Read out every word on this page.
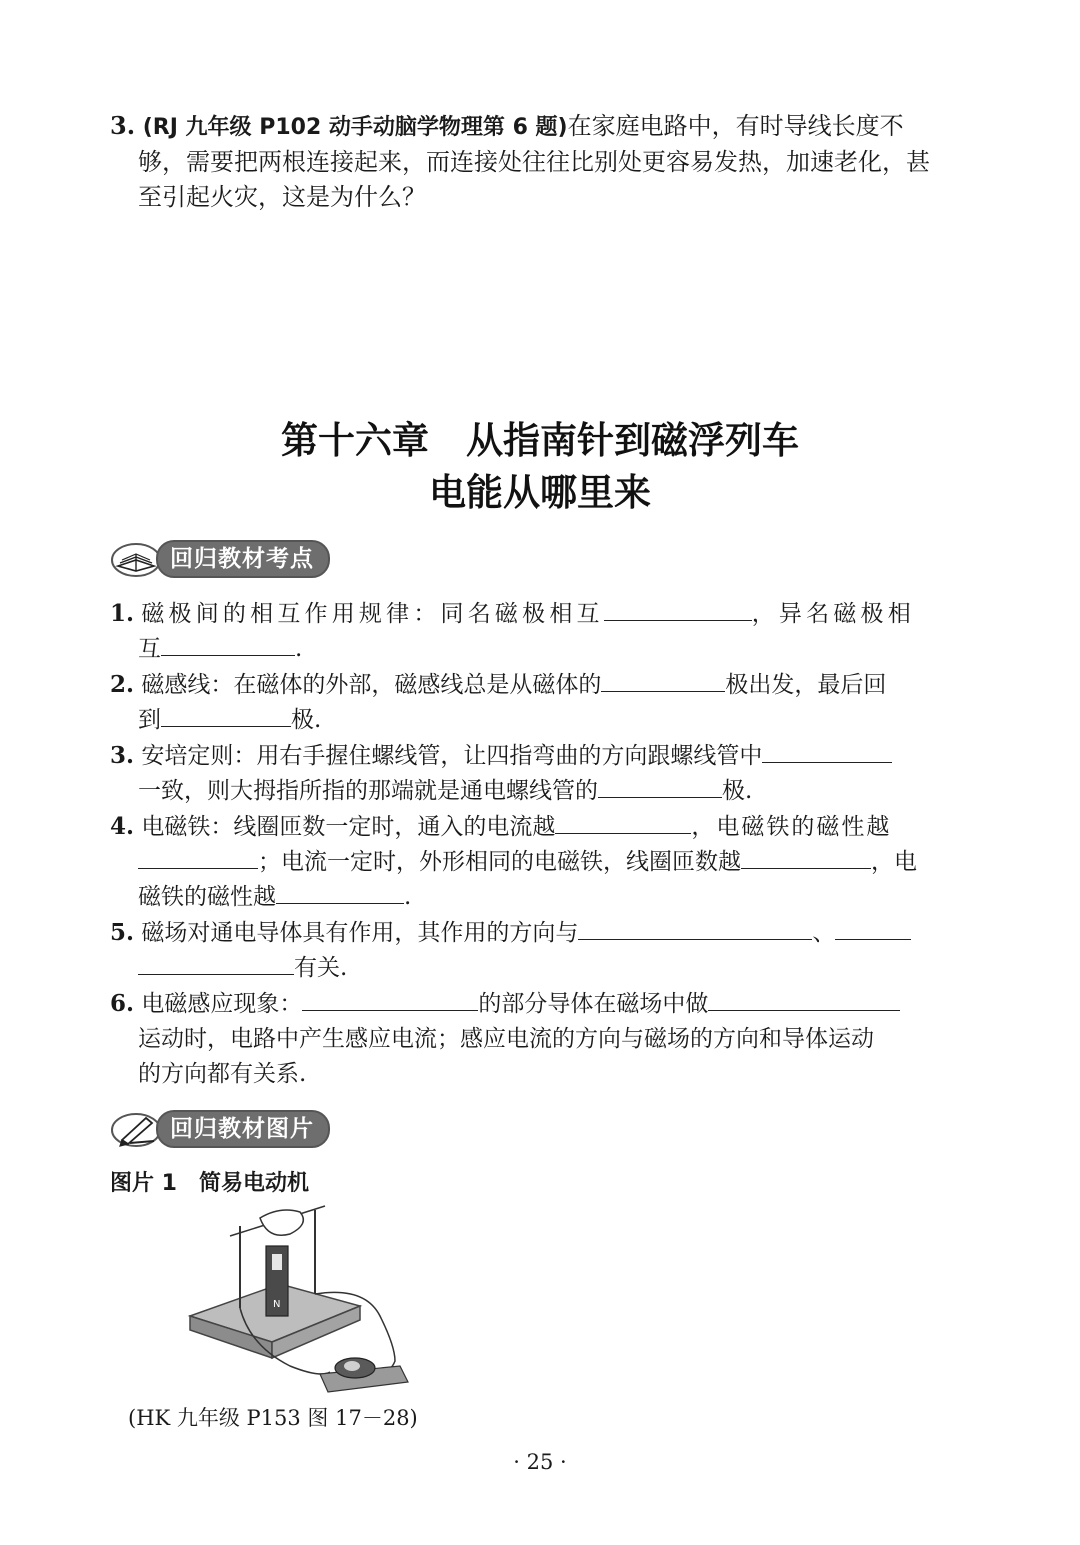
3. (RJ 九年级 P102 动手动脑学物理第 6 题)在家庭电路中，有时导线长度不
够，需要把两根连接起来，而连接处往往比别处更容易发热，加速老化，甚
至引起火灾，这是为什么？
第十六章　从指南针到磁浮列车
电能从哪里来
回归教材考点
1. 磁极间的相互作用规律：同名磁极相互	，异名磁极相
互	.
2. 磁感线：在磁体的外部，磁感线总是从磁体的	极出发，最后回
到	极.
3. 安培定则：用右手握住螺线管，让四指弯曲的方向跟螺线管中
一致，则大拇指所指的那端就是通电螺线管的	极.
4. 电磁铁：线圈匝数一定时，通入的电流越	，电磁铁的磁性越
；电流一定时，外形相同的电磁铁，线圈匝数越	，电
磁铁的磁性越	.
5. 磁场对通电导体具有作用，其作用的方向与	、
有关.
6. 电磁感应现象：	的部分导体在磁场中做
运动时，电路中产生感应电流；感应电流的方向与磁场的方向和导体运动
的方向都有关系.
回归教材图片
图片 1 简易电动机
N
(HK 九年级 P153 图 17－28)
· 25 ·
